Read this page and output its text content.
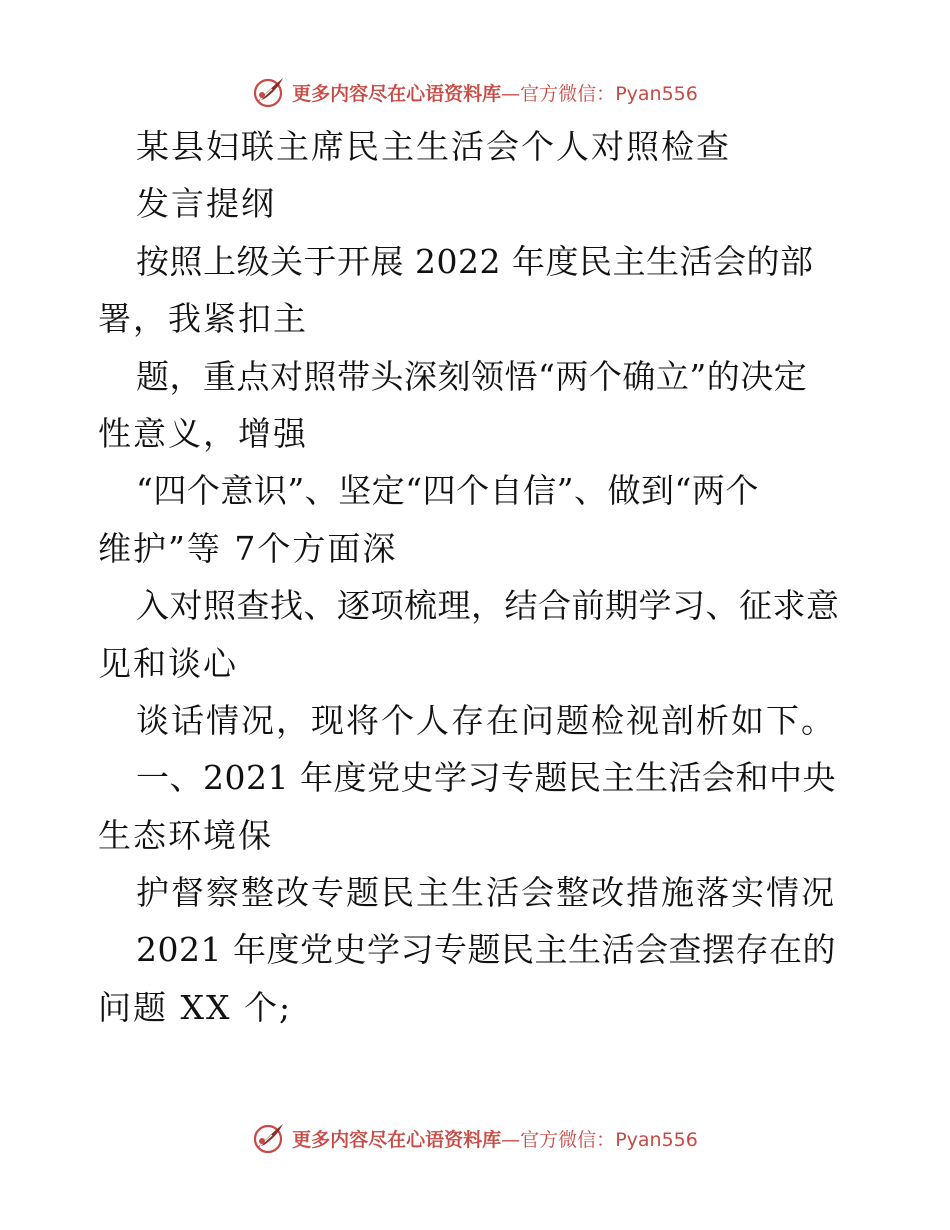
更多内容尽在心语资料库—官方微信：Pyan556
某县妇联主席民主生活会个人对照检查
发言提纲
按照上级关于开展 2022 年度民主生活会的部
署，我紧扣主
题，重点对照带头深刻领悟“两个确立”的决定
性意义，增强
“四个意识”、坚定“四个自信”、做到“两个
维护”等 7个方面深
入对照查找、逐项梳理，结合前期学习、征求意
见和谈心
谈话情况，现将个人存在问题检视剖析如下。
一、2021 年度党史学习专题民主生活会和中央
生态环境保
护督察整改专题民主生活会整改措施落实情况
2021 年度党史学习专题民主生活会查摆存在的
问题 XX 个;
更多内容尽在心语资料库—官方微信：Pyan556
